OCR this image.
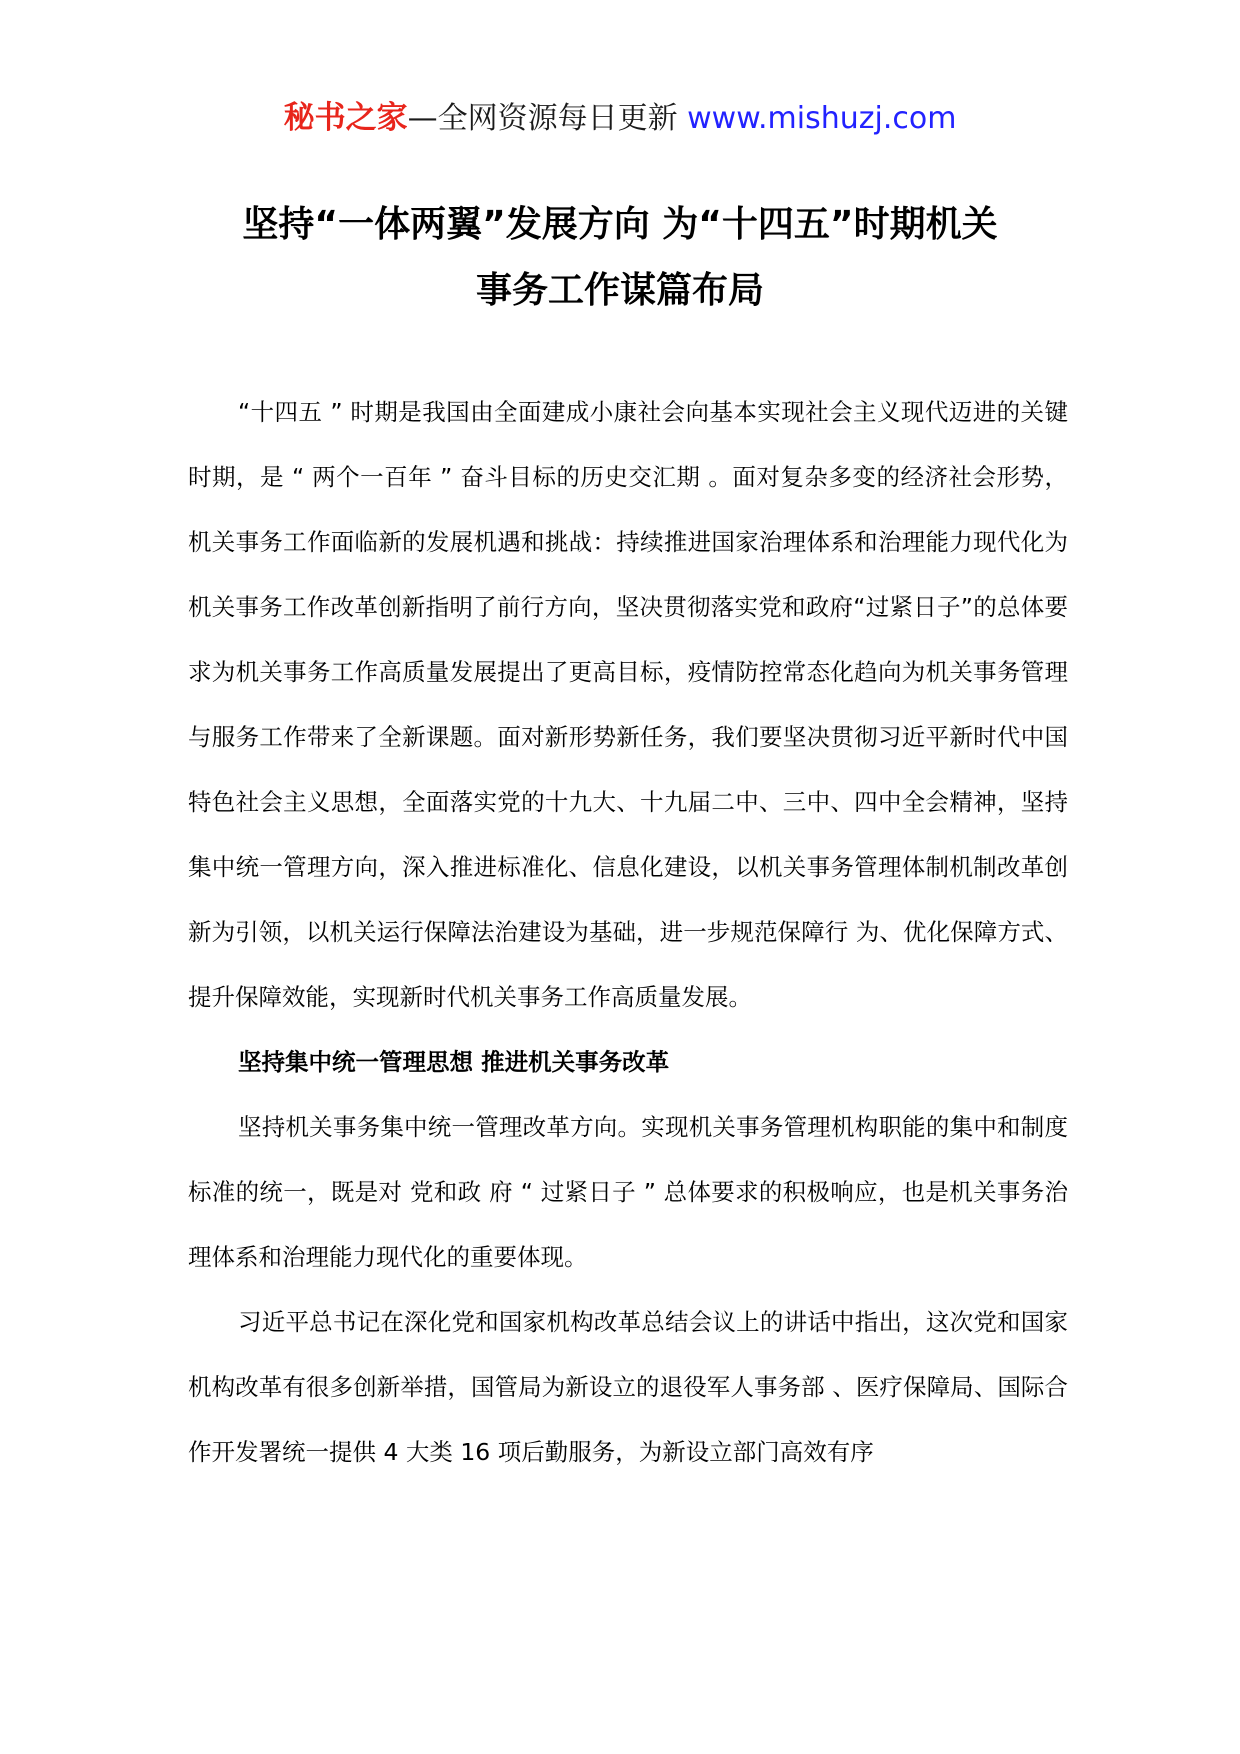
秘书之家—全网资源每日更新 www.mishuzj.com
坚持“一体两翼”发展方向 为“十四五”时期机关
事务工作谋篇布局

“十四五 ” 时期是我国由全面建成小康社会向基本实现社会主义现代迈进的关键时期，是 “ 两个一百年 ” 奋斗目标的历史交汇期 。面对复杂多变的经济社会形势，机关事务工作面临新的发展机遇和挑战：持续推进国家治理体系和治理能力现代化为机关事务工作改革创新指明了前行方向，坚决贯彻落实党和政府“过紧日子”的总体要求为机关事务工作高质量发展提出了更高目标，疫情防控常态化趋向为机关事务管理与服务工作带来了全新课题。面对新形势新任务，我们要坚决贯彻习近平新时代中国特色社会主义思想，全面落实党的十九大、十九届二中、三中、四中全会精神，坚持集中统一管理方向，深入推进标准化、信息化建设，以机关事务管理体制机制改革创新为引领，以机关运行保障法治建设为基础，进一步规范保障行 为、优化保障方式、提升保障效能，实现新时代机关事务工作高质量发展。

坚持集中统一管理思想 推进机关事务改革

坚持机关事务集中统一管理改革方向。实现机关事务管理机构职能的集中和制度标准的统一，既是对 党和政 府 “ 过紧日子 ” 总体要求的积极响应，也是机关事务治理体系和治理能力现代化的重要体现。

习近平总书记在深化党和国家机构改革总结会议上的讲话中指出，这次党和国家机构改革有很多创新举措，国管局为新设立的退役军人事务部 、医疗保障局、国际合作开发署统一提供 4 大类 16 项后勤服务，为新设立部门高效有序
